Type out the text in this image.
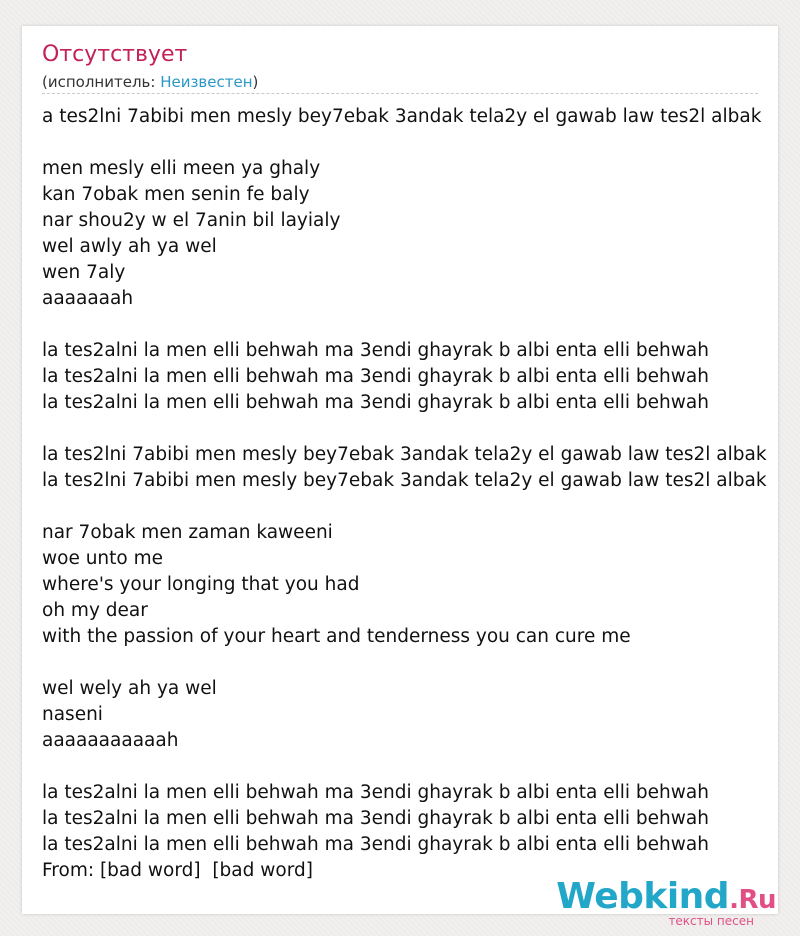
Отсутствует
(исполнитель: Неизвестен)
a tes2lni 7abibi men mesly bey7ebak 3andak tela2y el gawab law tes2l albak
men mesly elli meen ya ghaly
kan 7obak men senin fe baly
nar shou2y w el 7anin bil layialy
wel awly ah ya wel
wen 7aly
aaaaaaah
la tes2alni la men elli behwah ma 3endi ghayrak b albi enta elli behwah
la tes2alni la men elli behwah ma 3endi ghayrak b albi enta elli behwah
la tes2alni la men elli behwah ma 3endi ghayrak b albi enta elli behwah
la tes2lni 7abibi men mesly bey7ebak 3andak tela2y el gawab law tes2l albak
la tes2lni 7abibi men mesly bey7ebak 3andak tela2y el gawab law tes2l albak
nar 7obak men zaman kaweeni
woe unto me
where's your longing that you had
oh my dear
with the passion of your heart and tenderness you can cure me
wel wely ah ya wel
naseni
aaaaaaaaaaah
la tes2alni la men elli behwah ma 3endi ghayrak b albi enta elli behwah
la tes2alni la men elli behwah ma 3endi ghayrak b albi enta elli behwah
la tes2alni la men elli behwah ma 3endi ghayrak b albi enta elli behwah
From: [bad word]  [bad word]
Webkind.Ru
тексты песен
